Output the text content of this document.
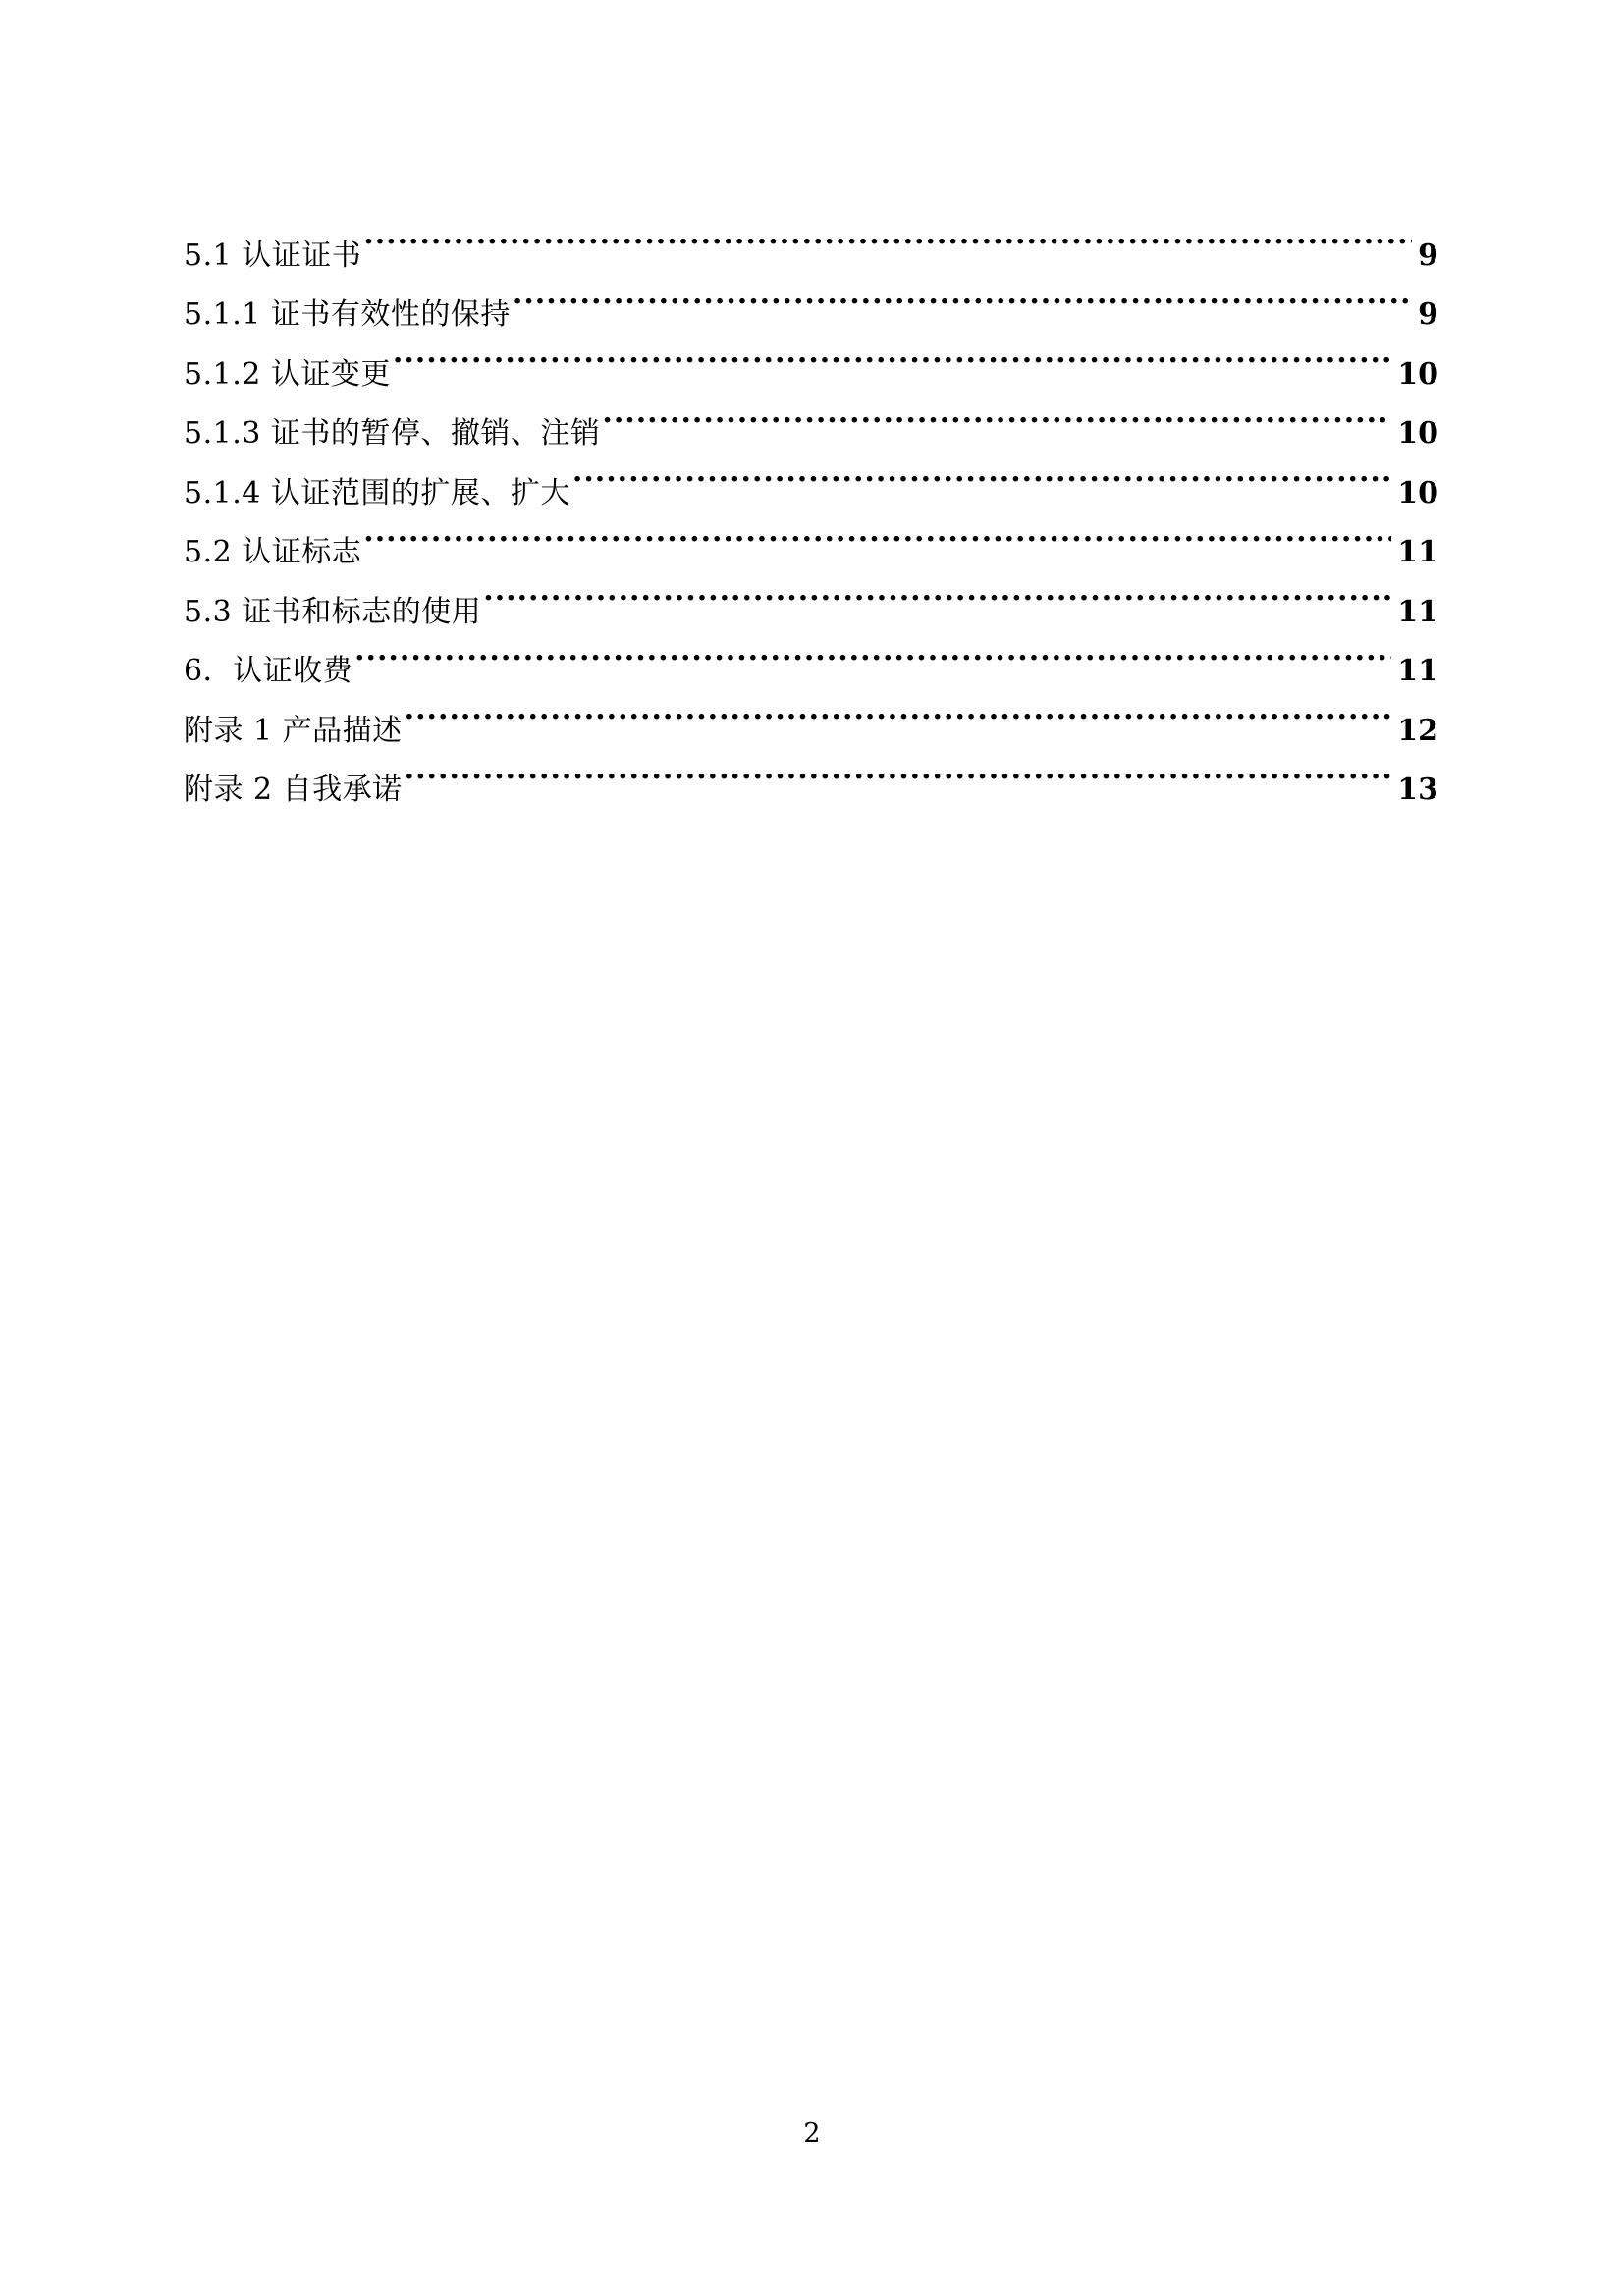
5.1 认证证书 .....	9
5.1.1 证书有效性的保持 .....	9
5.1.2 认证变更 .....	10
5.1.3 证书的暂停、撤销、注销 .....	10
5.1.4 认证范围的扩展、扩大 .....	10
5.2 认证标志 .....	11
5.3 证书和标志的使用 .....	11
6．认证收费 .....	11
附录 1 产品描述 .....	12
附录 2 自我承诺 .....	13
2
